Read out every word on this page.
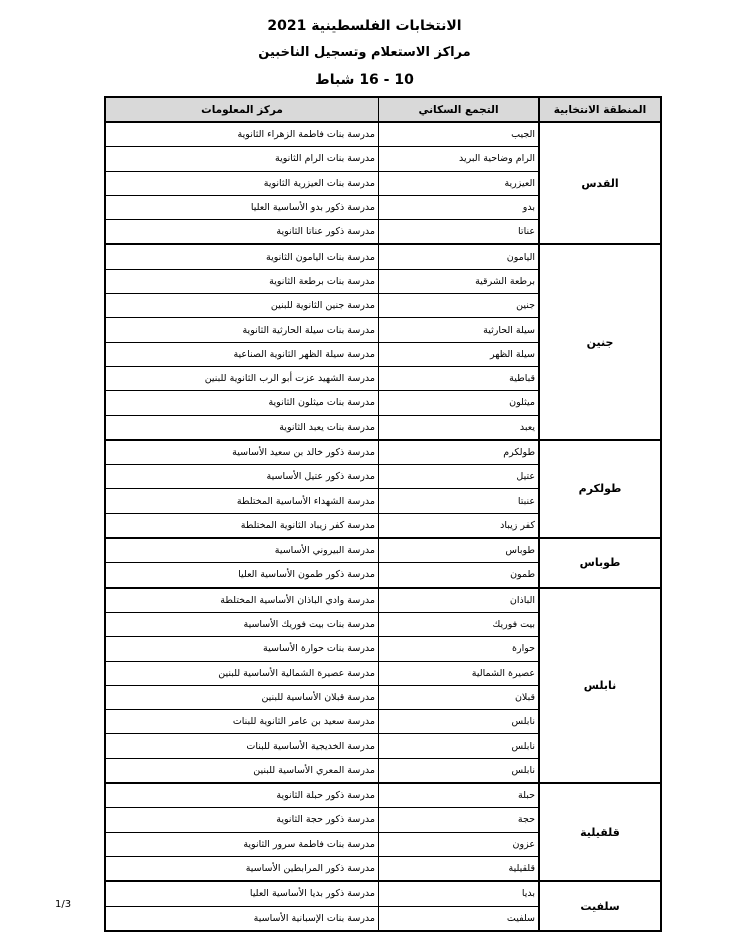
الانتخابات الفلسطينية 2021
مراكز الاستعلام وتسجيل الناخبين
10 - 16 شباط
المنطقة الانتخابية
التجمع السكاني
مركز المعلومات
القدس
الجيب
مدرسة بنات فاطمة الزهراء الثانوية
الرام وضاحية البريد
مدرسة بنات الرام الثانوية
العيزرية
مدرسة بنات العيزرية الثانوية
بدو
مدرسة ذكور بدو الأساسية العليا
عناتا
مدرسة ذكور عناتا الثانوية
جنين
اليامون
مدرسة بنات اليامون الثانوية
برطعة الشرقية
مدرسة بنات برطعة الثانوية
جنين
مدرسة جنين الثانوية للبنين
سيلة الحارثية
مدرسة بنات سيلة الحارثية الثانوية
سيلة الظهر
مدرسة سيلة الظهر الثانوية الصناعية
قباطية
مدرسة الشهيد عزت أبو الرب الثانوية للبنين
ميثلون
مدرسة بنات ميثلون الثانوية
يعبد
مدرسة بنات يعبد الثانوية
طولكرم
طولكرم
مدرسة ذكور خالد بن سعيد الأساسية
عتيل
مدرسة ذكور عتيل الأساسية
عنبتا
مدرسة الشهداء الأساسية المختلطة
كفر زيباد
مدرسة كفر زيباد الثانوية المختلطة
طوباس
طوباس
مدرسة البيروني الأساسية
طمون
مدرسة ذكور طمون الأساسية العليا
نابلس
الباذان
مدرسة وادي الباذان الأساسية المختلطة
بيت فوريك
مدرسة بنات بيت فوريك الأساسية
حوارة
مدرسة بنات حوارة الأساسية
عصيرة الشمالية
مدرسة عصيرة الشمالية الأساسية للبنين
قبلان
مدرسة قبلان الأساسية للبنين
نابلس
مدرسة سعيد بن عامر الثانوية للبنات
نابلس
مدرسة الخديجية الأساسية للبنات
نابلس
مدرسة المعري الأساسية للبنين
قلقيلية
حبلة
مدرسة ذكور حبلة الثانوية
حجة
مدرسة ذكور حجة الثانوية
عزون
مدرسة بنات فاطمة سرور الثانوية
قلقيلية
مدرسة ذكور المرابطين الأساسية
سلفيت
بديا
مدرسة ذكور بديا الأساسية العليا
سلفيت
مدرسة بنات الإسبانية الأساسية
1/3
